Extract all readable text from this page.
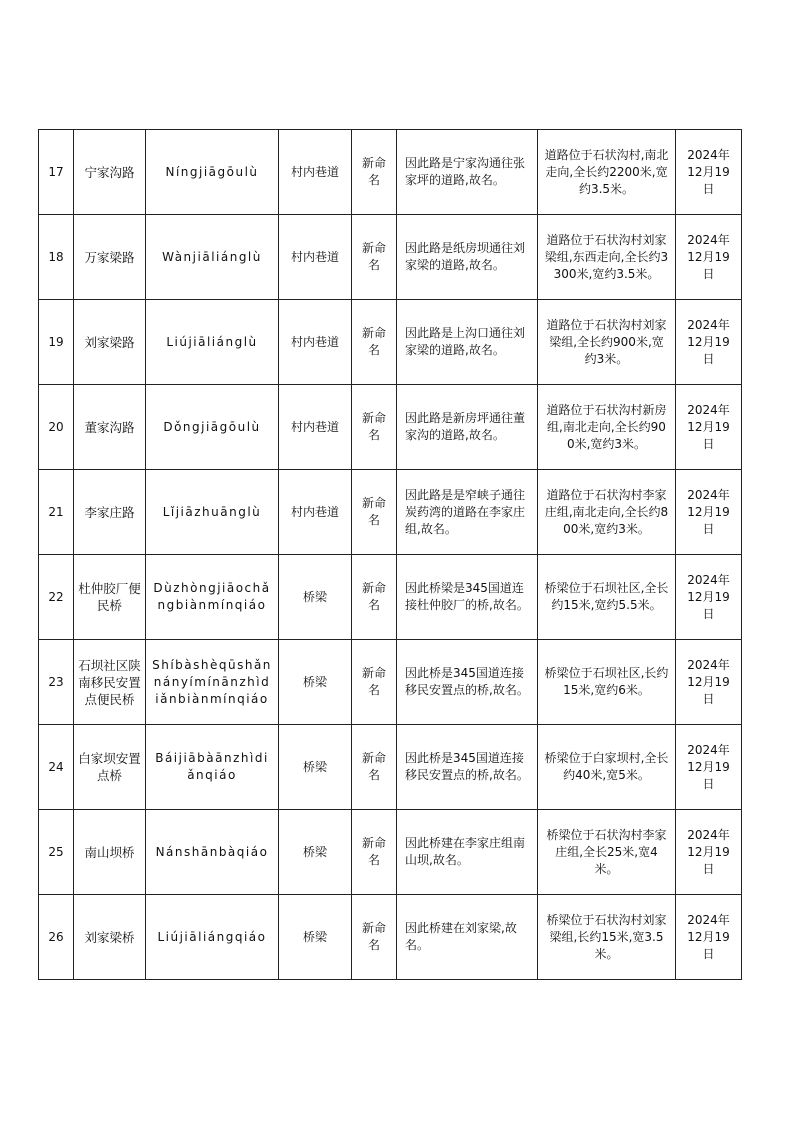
17	宁家沟路	Níngjiāgōulù	村内巷道	新命名	因此路是宁家沟通往张家坪的道路,故名。	道路位于石状沟村,南北走向,全长约2200米,宽约3.5米。	2024年12月19日
18	万家梁路	Wànjiāliánglù	村内巷道	新命名	因此路是纸房坝通往刘家梁的道路,故名。	道路位于石状沟村刘家梁组,东西走向,全长约3300米,宽约3.5米。	2024年12月19日
19	刘家梁路	Liújiāliánglù	村内巷道	新命名	因此路是上沟口通往刘家梁的道路,故名。	道路位于石状沟村刘家梁组,全长约900米,宽约3米。	2024年12月19日
20	董家沟路	Dǒngjiāgōulù	村内巷道	新命名	因此路是新房坪通往董家沟的道路,故名。	道路位于石状沟村新房组,南北走向,全长约900米,宽约3米。	2024年12月19日
21	李家庄路	Lǐjiāzhuānglù	村内巷道	新命名	因此路是是窄峡子通往炭药湾的道路在李家庄组,故名。	道路位于石状沟村李家庄组,南北走向,全长约800米,宽约3米。	2024年12月19日
22	杜仲胶厂便民桥	Dùzhòngjiāochǎngbiànmínqiáo	桥梁	新命名	因此桥梁是345国道连接杜仲胶厂的桥,故名。	桥梁位于石坝社区,全长约15米,宽约5.5米。	2024年12月19日
23	石坝社区陕南移民安置点便民桥	Shíbàshèqūshǎnnányímínānzhìdiǎnbiànmínqiáo	桥梁	新命名	因此桥是345国道连接移民安置点的桥,故名。	桥梁位于石坝社区,长约15米,宽约6米。	2024年12月19日
24	白家坝安置点桥	Báijiābàānzhìdiǎnqiáo	桥梁	新命名	因此桥是345国道连接移民安置点的桥,故名。	桥梁位于白家坝村,全长约40米,宽5米。	2024年12月19日
25	南山坝桥	Nánshānbàqiáo	桥梁	新命名	因此桥建在李家庄组南山坝,故名。	桥梁位于石状沟村李家庄组,全长25米,宽4米。	2024年12月19日
26	刘家梁桥	Liújiāliángqiáo	桥梁	新命名	因此桥建在刘家梁,故名。	桥梁位于石状沟村刘家梁组,长约15米,宽3.5米。	2024年12月19日
